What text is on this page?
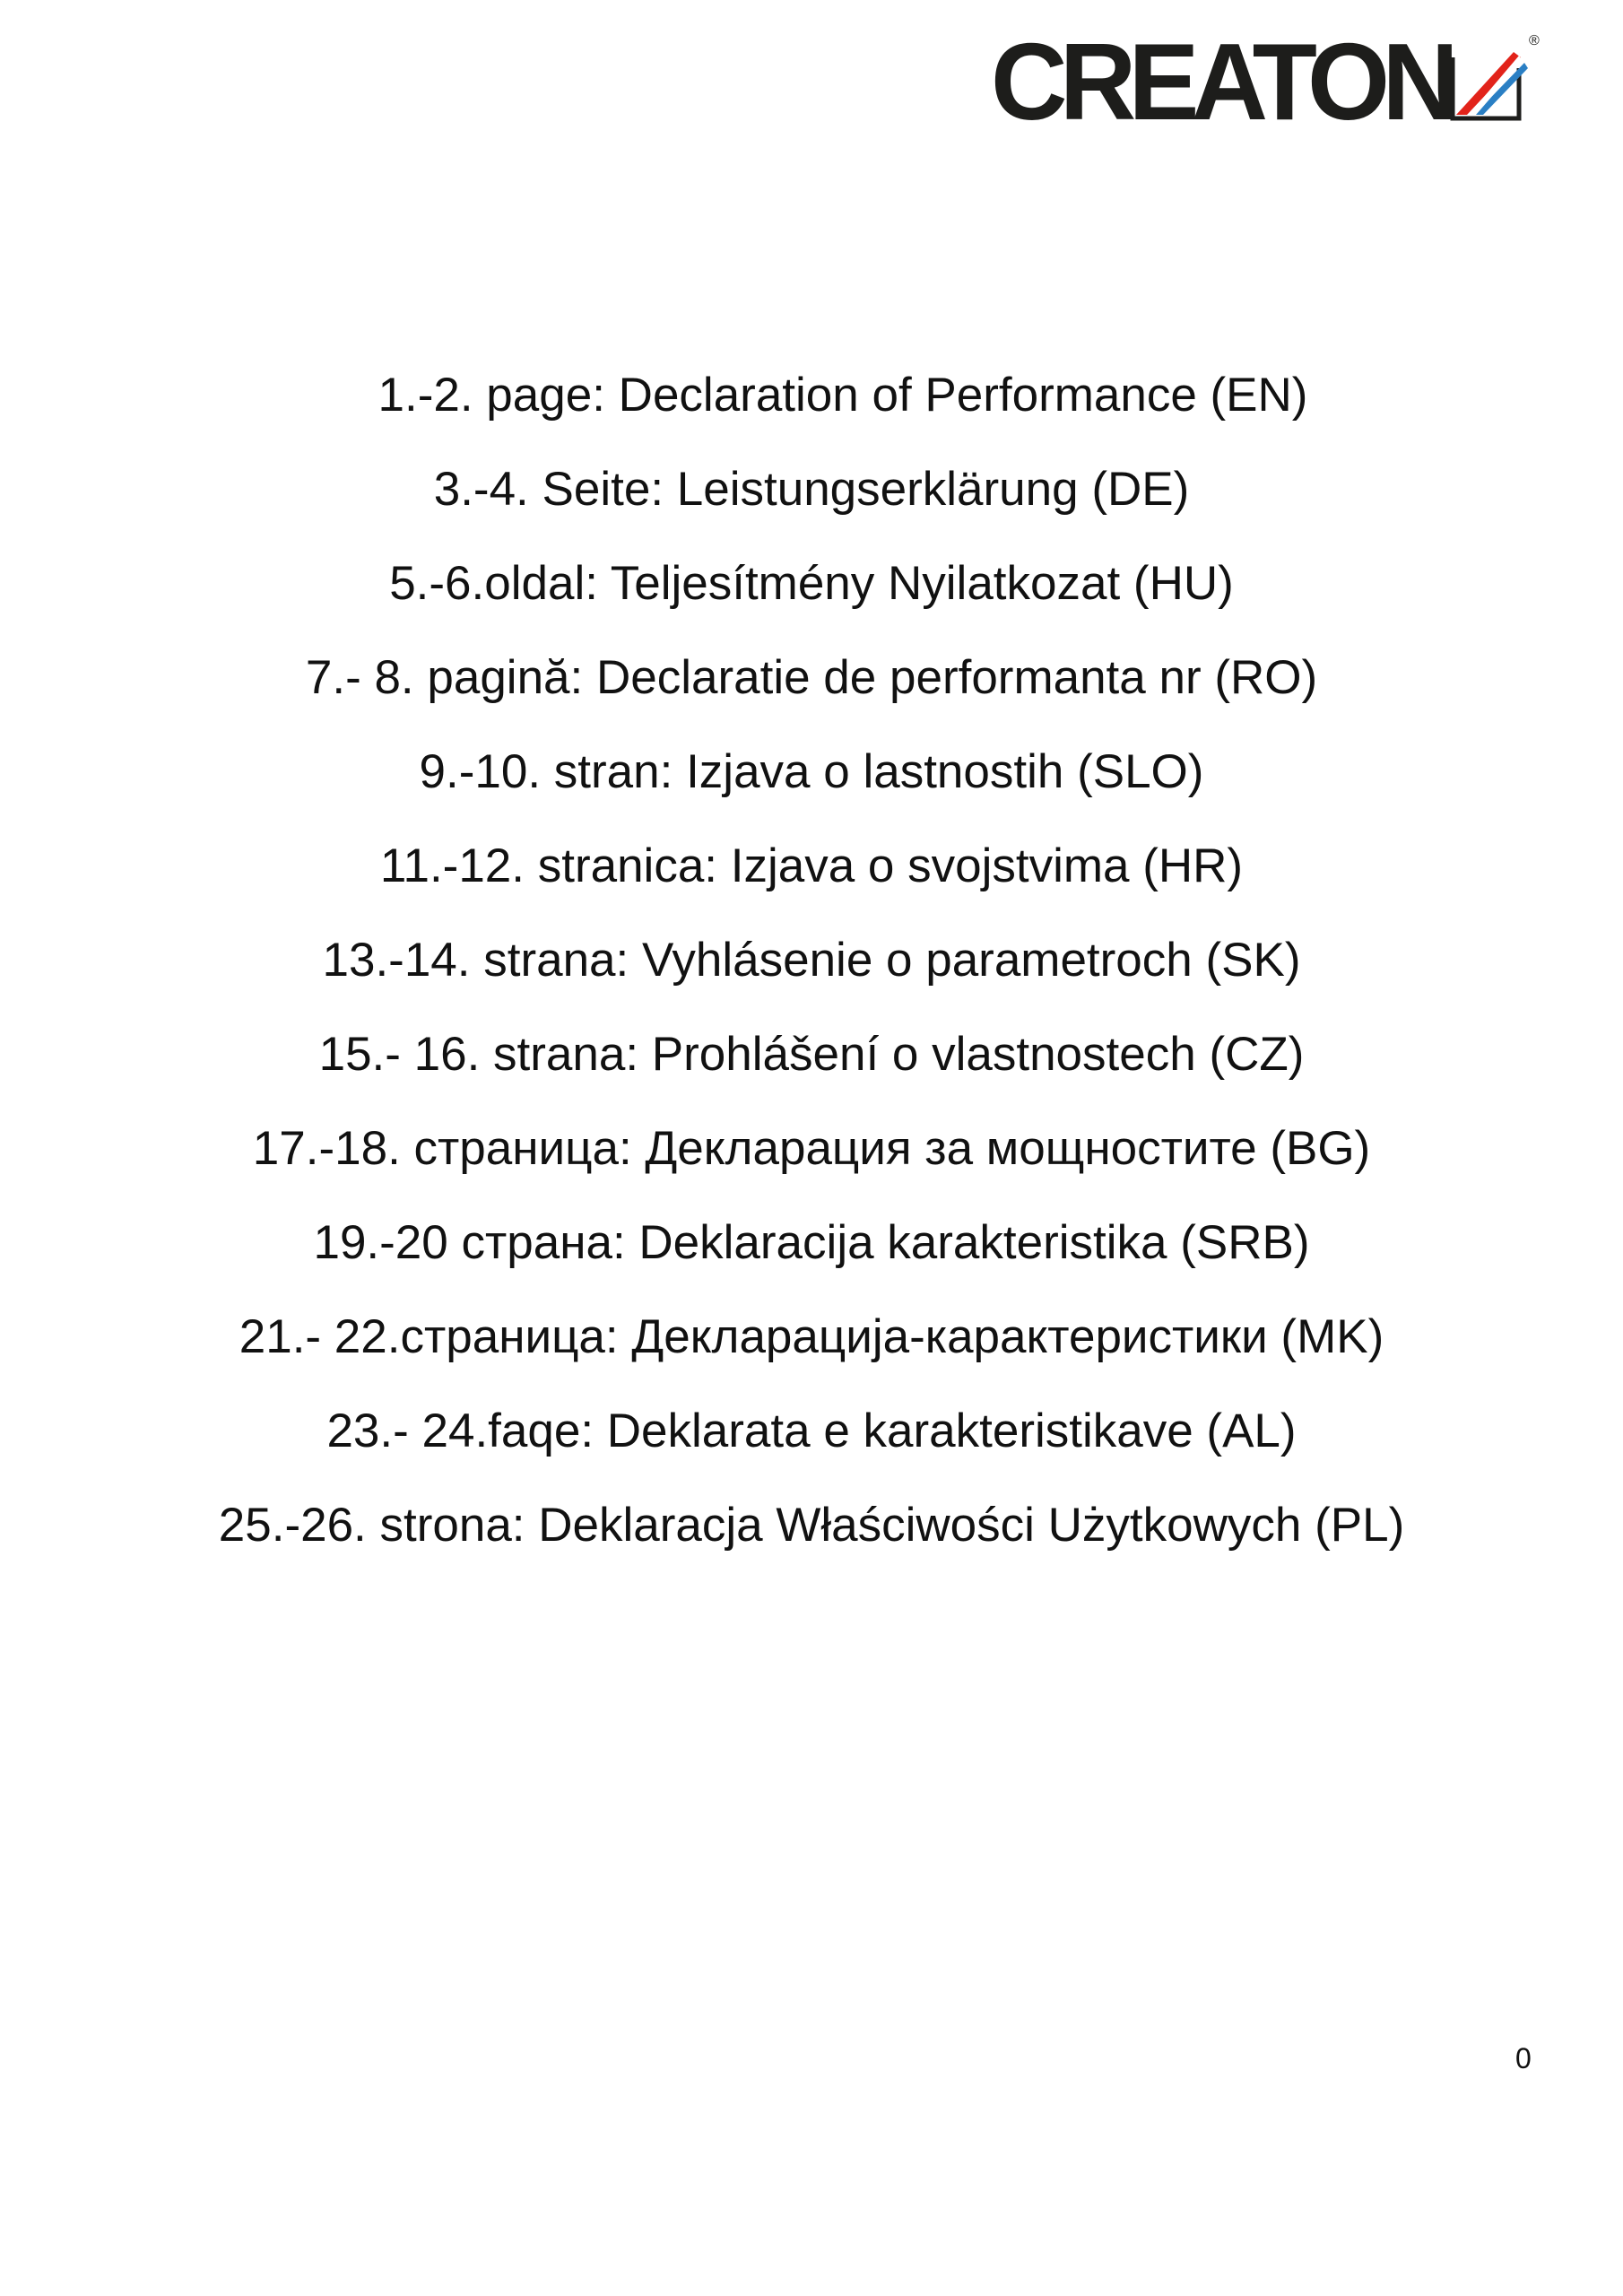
CREATON	®
1.-2. page: Declaration of Performance (EN)
3.-4. Seite: Leistungserklärung (DE)
5.-6.oldal: Teljesítmény Nyilatkozat (HU)
7.- 8. pagină: Declaratie de performanta nr (RO)
9.-10. stran: Izjava o lastnostih (SLO)
11.-12. stranica: Izjava o svojstvima (HR)
13.-14. strana: Vyhlásenie o parametroch (SK)
15.- 16. strana: Prohlášení o vlastnostech (CZ)
17.-18. страница: Декларация за мощностите (BG)
19.-20 страна: Deklaracija karakteristika (SRB)
21.- 22.страница: Декларација-карактеристики (MK)
23.- 24.faqe: Deklarata e karakteristikave (AL)
25.-26. strona: Deklaracja Właściwości Użytkowych (PL)
0
